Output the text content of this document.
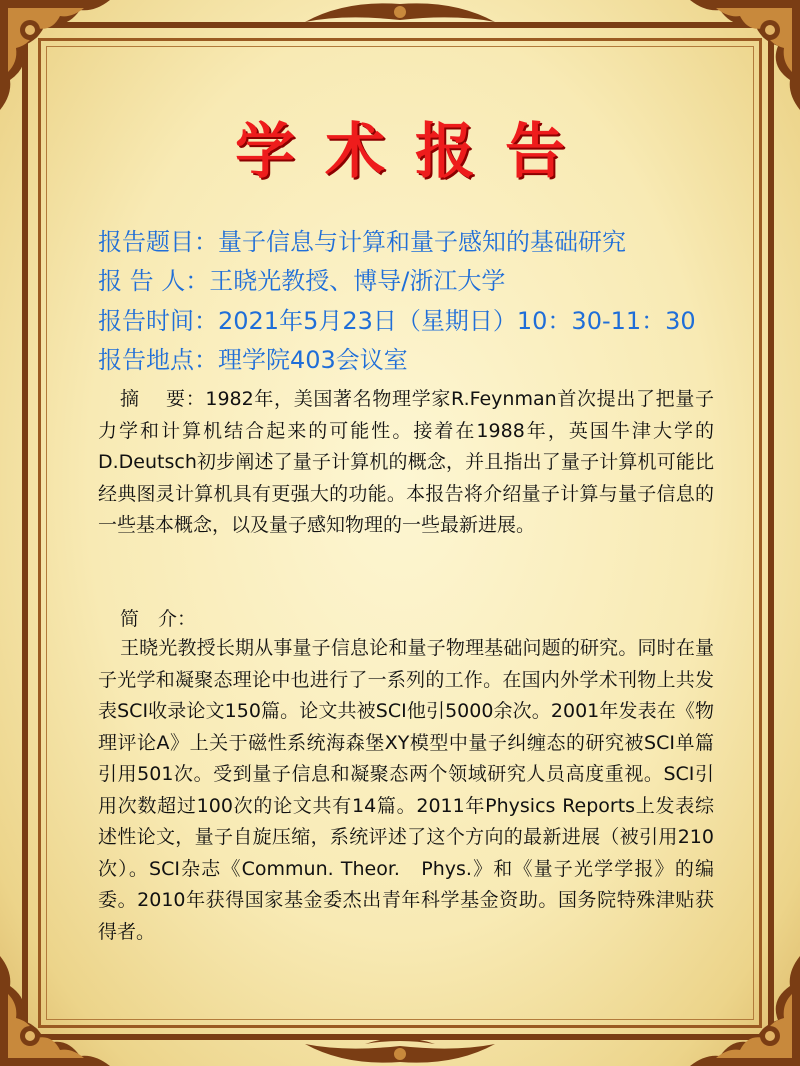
学术报告
报告题目：量子信息与计算和量子感知的基础研究
报 告 人：王晓光教授、博导/浙江大学
报告时间：2021年5月23日（星期日）10：30-11：30
报告地点：理学院403会议室
摘　 要：1982年，美国著名物理学家R.Feynman首次提出了把量子力学和计算机结合起来的可能性。接着在1988年，英国牛津大学的D.Deutsch初步阐述了量子计算机的概念，并且指出了量子计算机可能比经典图灵计算机具有更强大的功能。本报告将介绍量子计算与量子信息的一些基本概念，以及量子感知物理的一些最新进展。
简　介：
王晓光教授长期从事量子信息论和量子物理基础问题的研究。同时在量子光学和凝聚态理论中也进行了一系列的工作。在国内外学术刊物上共发表SCI收录论文150篇。论文共被SCI他引5000余次。2001年发表在《物理评论A》上关于磁性系统海森堡XY模型中量子纠缠态的研究被SCI单篇引用501次。受到量子信息和凝聚态两个领域研究人员高度重视。SCI引用次数超过100次的论文共有14篇。2011年Physics Reports上发表综述性论文，量子自旋压缩，系统评述了这个方向的最新进展（被引用210次）。SCI杂志《Commun. Theor.　Phys.》和《量子光学学报》的编委。2010年获得国家基金委杰出青年科学基金资助。国务院特殊津贴获得者。
